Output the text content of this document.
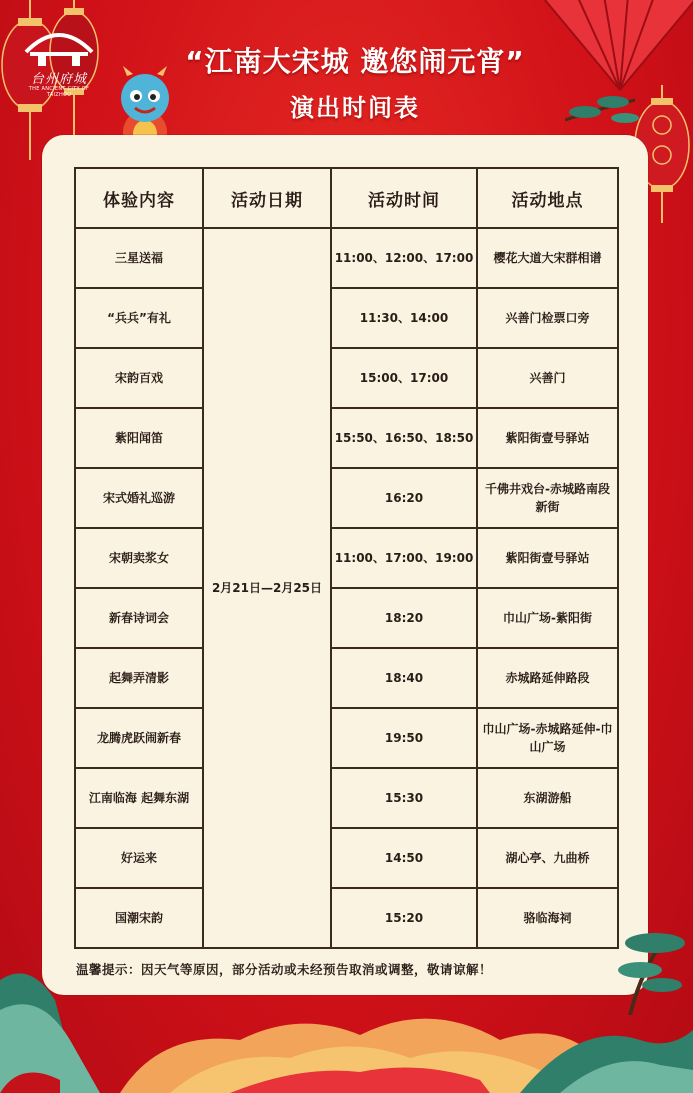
台州府城
THE ANCIENT CITY OF TAIZHOU
“江南大宋城 邀您闹元宵”
演出时间表
体验内容	活动日期	活动时间	活动地点
三星送福	2月21日—2月25日	11:00、12:00、17:00	樱花大道大宋群相谱
“兵兵”有礼		11:30、14:00	兴善门检票口旁
宋韵百戏		15:00、17:00	兴善门
紫阳闻笛		15:50、16:50、18:50	紫阳街壹号驿站
宋式婚礼巡游		16:20	千佛井戏台-赤城路南段新街
宋朝卖浆女		11:00、17:00、19:00	紫阳街壹号驿站
新春诗词会		18:20	巾山广场-紫阳街
起舞弄清影		18:40	赤城路延伸路段
龙腾虎跃闹新春		19:50	巾山广场-赤城路延伸-巾山广场
江南临海 起舞东湖		15:30	东湖游船
好运来		14:50	湖心亭、九曲桥
国潮宋韵		15:20	骆临海祠
温馨提示：因天气等原因，部分活动或未经预告取消或调整，敬请谅解！
